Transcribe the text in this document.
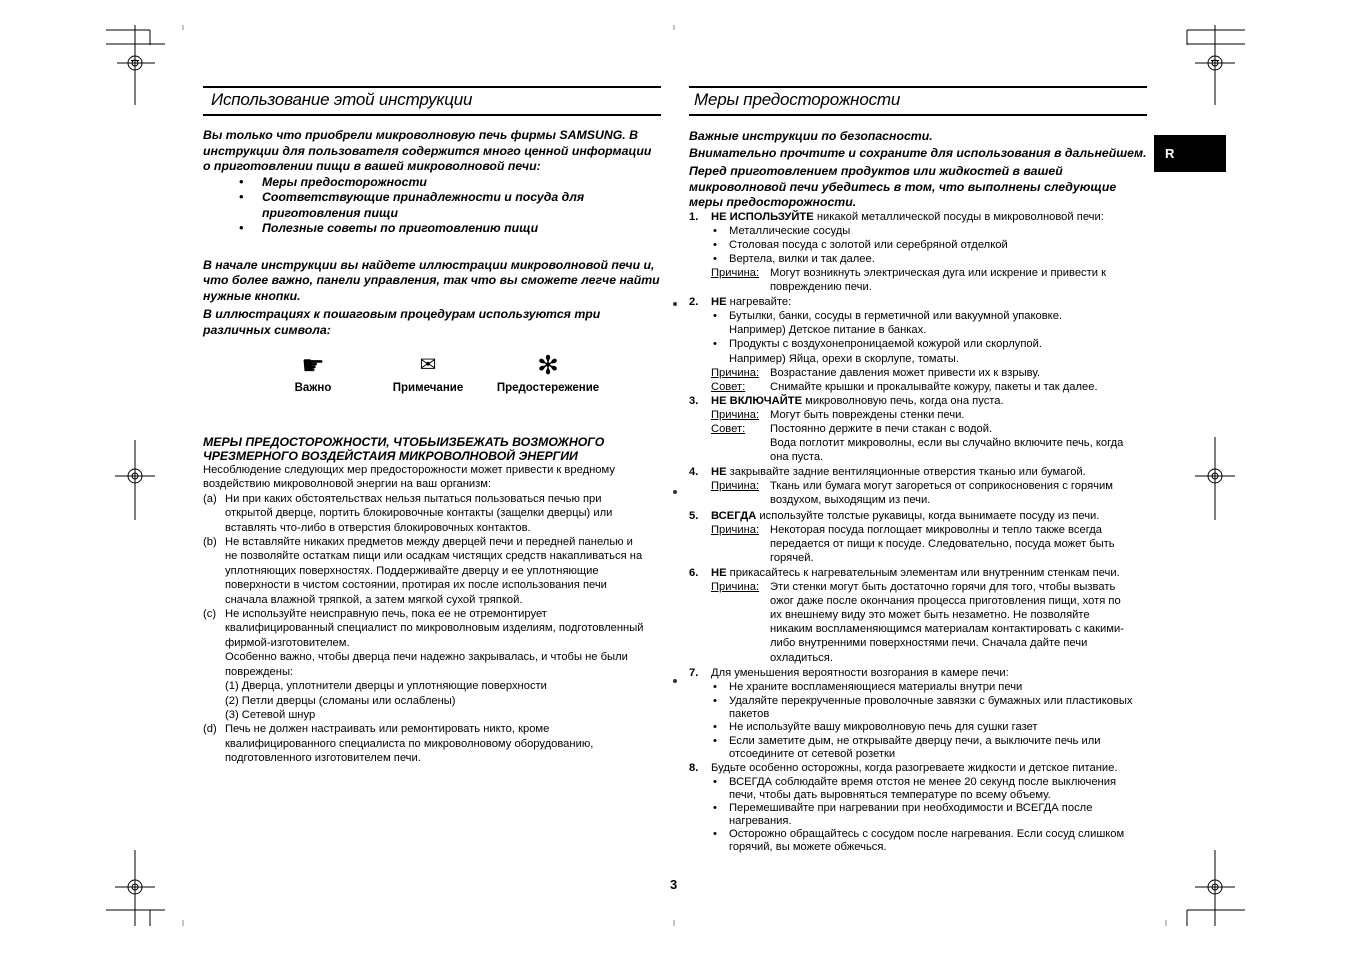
Использование этой инструкции	Меры предосторожности
R
Вы только что приобрели микроволновую печь фирмы SAMSUNG. В
инструкции для пользователя содержится много ценной информации
о приготовлении пищи в вашей микроволновой печи:
• Меры предосторожности
• Соответствующие принадлежности и посуда для
приготовления пищи
• Полезные советы по приготовлению пищи
В начале инструкции вы найдете иллюстрации микроволновой печи и,
что более важно, панели управления, так что вы сможете легче найти
нужные кнопки.
В иллюстрациях к пошаговым процедурам используются три
различных символа:
☛
Важно
✉
Примечание
✻
Предостережение
МЕРЫ ПРЕДОСТОРОЖНОСТИ, ЧТОБЫИЗБЕЖАТЬ ВОЗМОЖНОГО
ЧРЕЗМЕРНОГО ВОЗДЕЙСТАИЯ МИКРОВОЛНОВОЙ ЭНЕРГИИ
Несоблюдение следующих мер предосторожности может привести к вредному
воздействию микроволновой энергии на ваш организм:
(a) Ни при каких обстоятельствах нельзя пытаться пользоваться печью при
открытой дверце, портить блокировочные контакты (защелки дверцы) или
вставлять что-либо в отверстия блокировочных контактов.
(b) Не вставляйте никаких предметов между дверцей печи и передней панелью и
не позволяйте остаткам пищи или осадкам чистящих средств накапливаться на
уплотняющих поверхностях. Поддерживайте дверцу и ее уплотняющие
поверхности в чистом состоянии, протирая их после использования печи
сначала влажной тряпкой, а затем мягкой сухой тряпкой.
(c) Не используйте неисправную печь, пока ее не отремонтирует
квалифицированный специалист по микроволновым изделиям, подготовленный
фирмой-изготовителем.
Особенно важно, чтобы дверца печи надежно закрывалась, и чтобы не были
повреждены:
(1) Дверца, уплотнители дверцы и уплотняющие поверхности
(2) Петли дверцы (сломаны или ослаблены)
(3) Сетевой шнур
(d) Печь не должен настраивать или ремонтировать никто, кроме
квалифицированного специалиста по микроволновому оборудованию,
подготовленного изготовителем печи.
Важные инструкции по безопасности.
Внимательно прочтите и сохраните для использования в дальнейшем.
Перед приготовлением продуктов или жидкостей в вашей
микроволновой печи убедитесь в том, что выполнены следующие
меры предосторожности.
1. НЕ ИСПОЛЬЗУЙТЕ никакой металлической посуды в микроволновой печи:
• Металлические сосуды
• Столовая посуда с золотой или серебряной отделкой
• Вертела, вилки и так далее.
Причина: Могут возникнуть электрическая дуга или искрение и привести к
повреждению печи.
2. НЕ нагревайте:
• Бутылки, банки, сосуды в герметичной или вакуумной упаковке.
Например) Детское питание в банках.
• Продукты с воздухонепроницаемой кожурой или скорлупой.
Например) Яйца, орехи в скорлупе, томаты.
Причина: Возрастание давления может привести их к взрыву.
Совет: Снимайте крышки и прокалывайте кожуру, пакеты и так далее.
3. НЕ ВКЛЮЧАЙТЕ микроволновую печь, когда она пуста.
Причина: Могут быть повреждены стенки печи.
Совет: Постоянно держите в печи стакан с водой.
Вода поглотит микроволны, если вы случайно включите печь, когда
она пуста.
4. НЕ закрывайте задние вентиляционные отверстия тканью или бумагой.
Причина: Ткань или бумага могут загореться от соприкосновения с горячим
воздухом, выходящим из печи.
5. ВСЕГДА используйте толстые рукавицы, когда вынимаете посуду из печи.
Причина: Некоторая посуда поглощает микроволны и тепло также всегда
передается от пищи к посуде. Следовательно, посуда может быть
горячей.
6. НЕ прикасайтесь к нагревательным элементам или внутренним стенкам печи.
Причина: Эти стенки могут быть достаточно горячи для того, чтобы вызвать
ожог даже после окончания процесса приготовления пищи, хотя по
их внешнему виду это может быть незаметно. Не позволяйте
никаким воспламеняющимся материалам контактировать с какими-
либо внутренними поверхностями печи. Сначала дайте печи
охладиться.
7. Для уменьшения вероятности возгорания в камере печи:
• Не храните воспламеняющиеся материалы внутри печи
• Удаляйте перекрученные проволочные завязки с бумажных или пластиковых
пакетов
• Не используйте вашу микроволновую печь для сушки газет
• Если заметите дым, не открывайте дверцу печи, а выключите печь или
отсоедините от сетевой розетки
8. Будьте особенно осторожны, когда разогреваете жидкости и детское питание.
• ВСЕГДА соблюдайте время отстоя не менее 20 секунд после выключения
печи, чтобы дать выровняться температуре по всему объему.
• Перемешивайте при нагревании при необходимости и ВСЕГДА после
нагревания.
• Осторожно обращайтесь с сосудом после нагревания. Если сосуд слишком
горячий, вы можете обжечься.
3
